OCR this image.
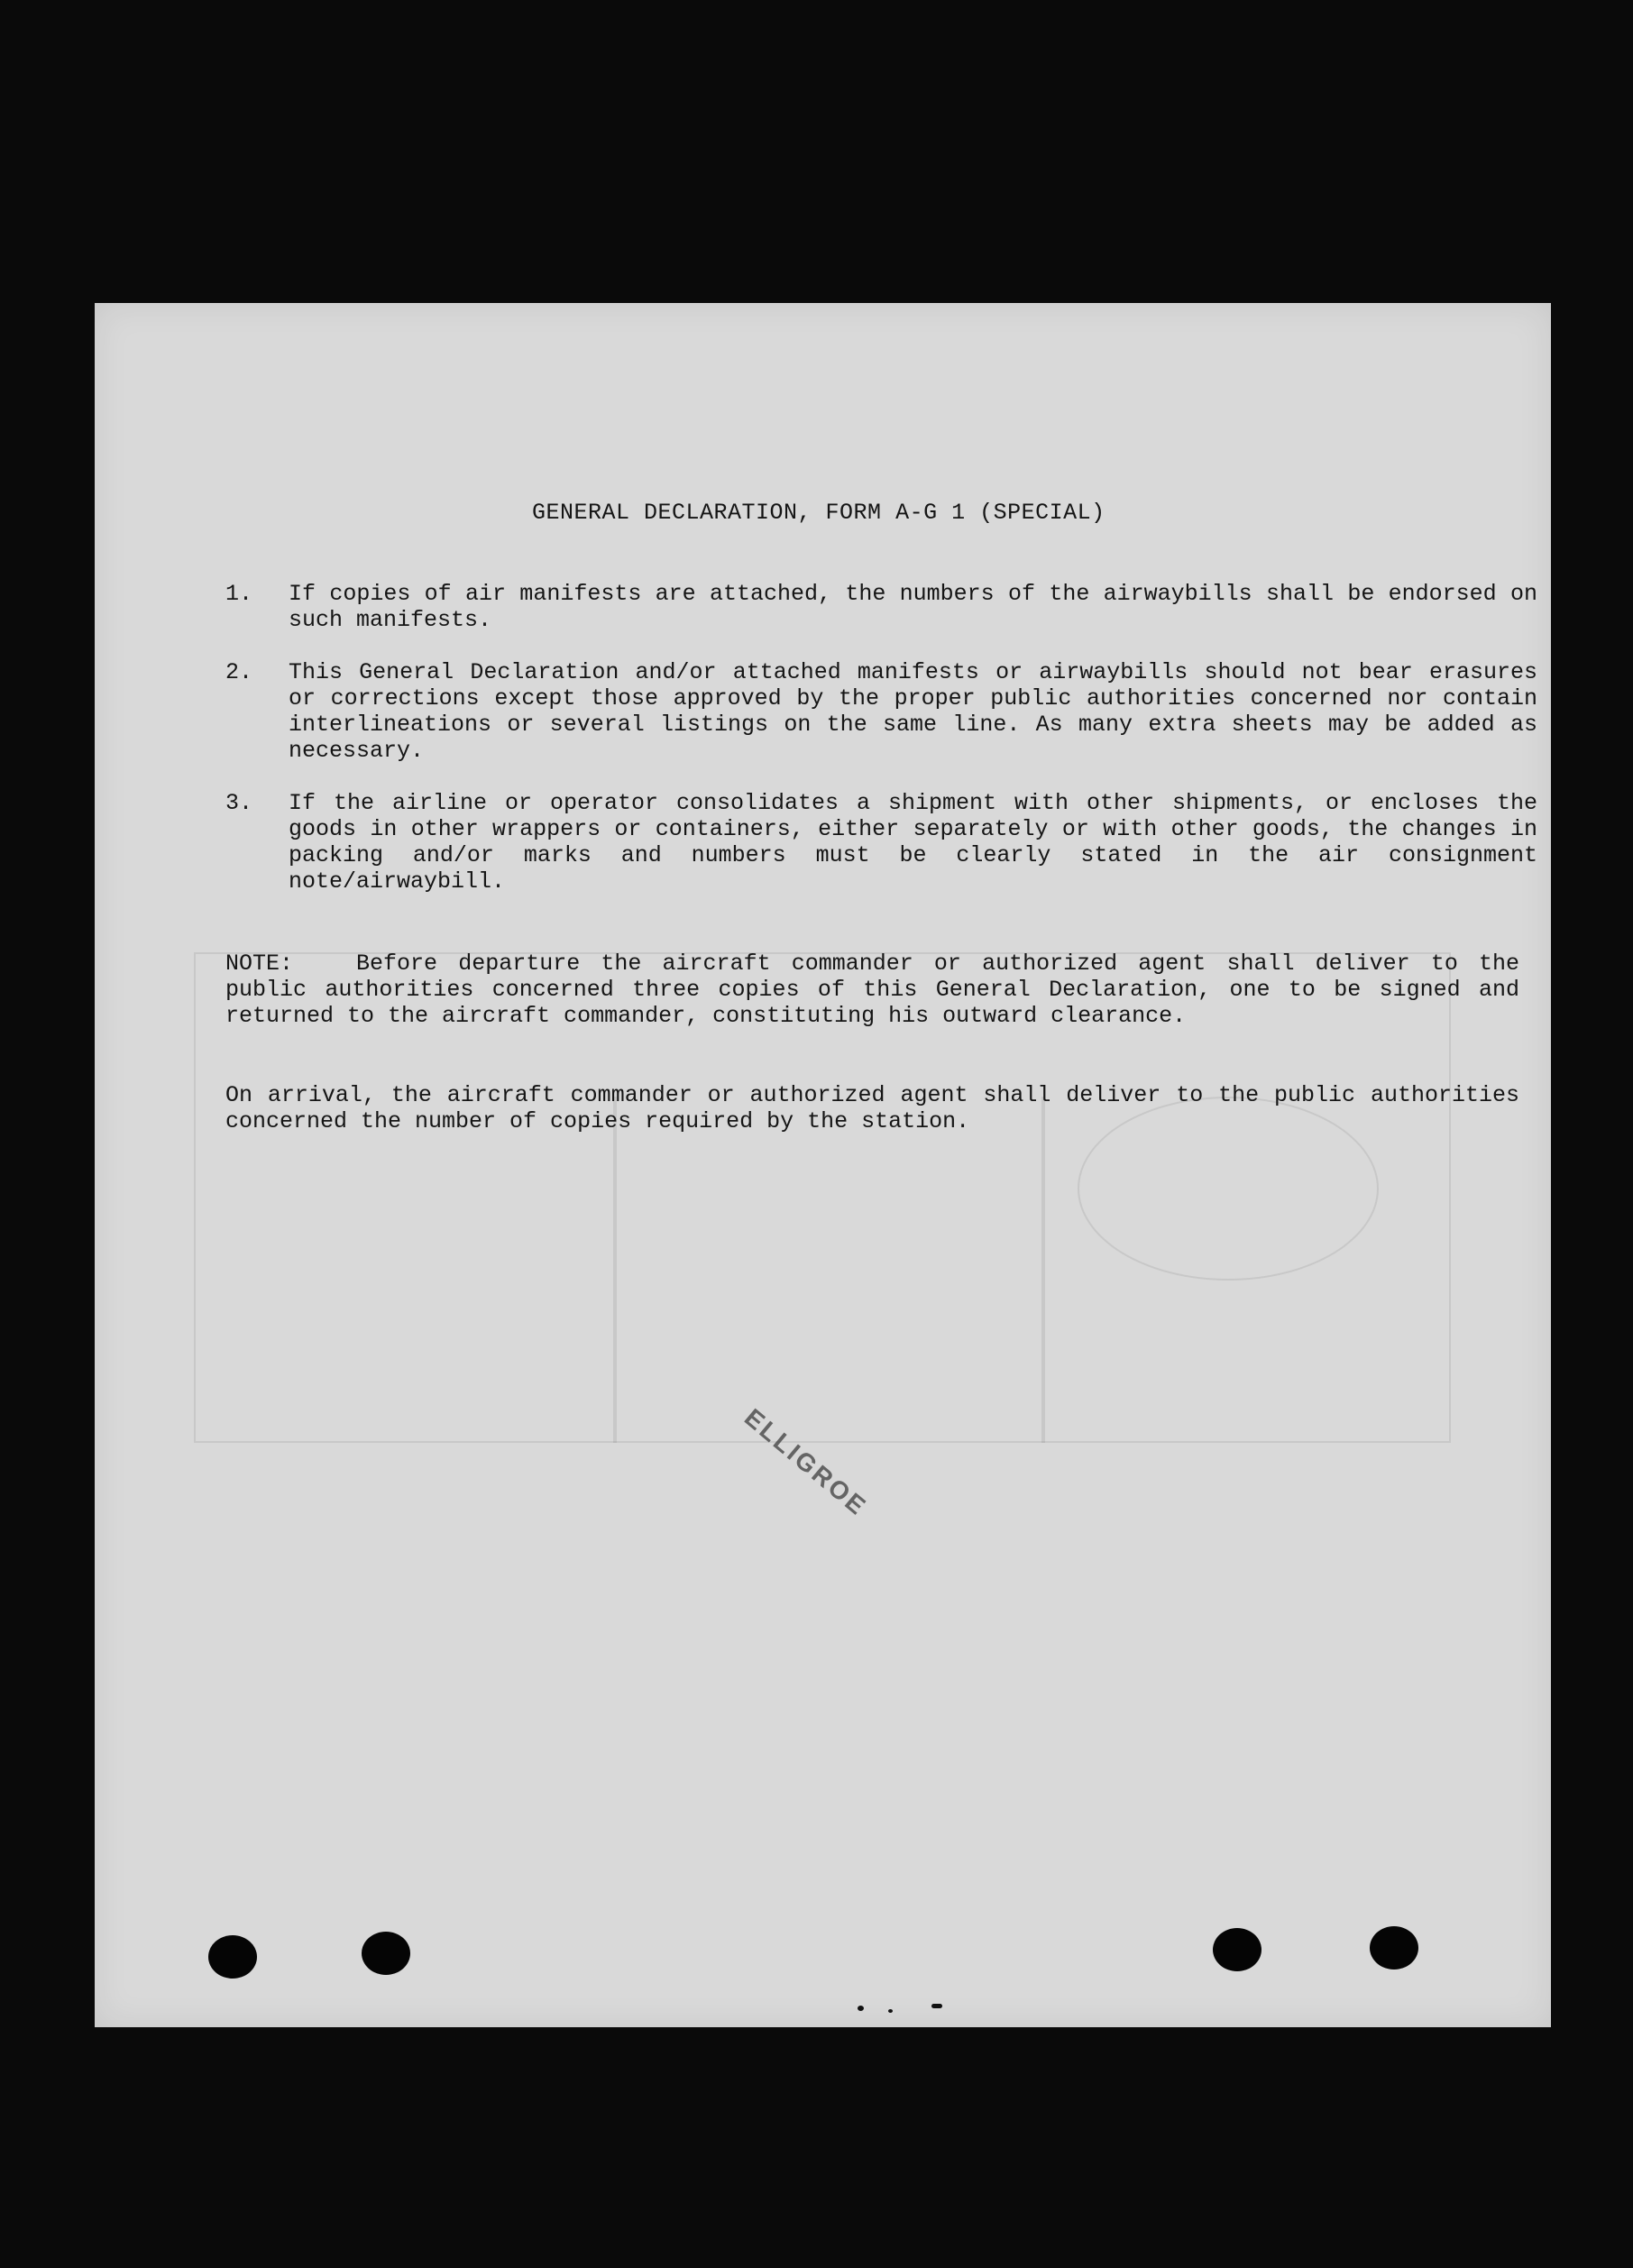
GENERAL DECLARATION, FORM A-G 1 (SPECIAL)
1. If copies of air manifests are attached, the numbers of the airwaybills shall be endorsed on such manifests.
2. This General Declaration and/or attached manifests or airwaybills should not bear erasures or corrections except those approved by the proper public authorities concerned nor contain interlineations or several listings on the same line. As many extra sheets may be added as necessary.
3. If the airline or operator consolidates a shipment with other shipments, or encloses the goods in other wrappers or containers, either separately or with other goods, the changes in packing and/or marks and numbers must be clearly stated in the air consignment note/airwaybill.
NOTE:	Before departure the aircraft commander or authorized agent shall deliver to the public authorities concerned three copies of this General Declaration, one to be signed and returned to the aircraft commander, constituting his outward clearance.
On arrival, the aircraft commander or authorized agent shall deliver to the public authorities concerned the number of copies required by the station.
ELLIGROE
